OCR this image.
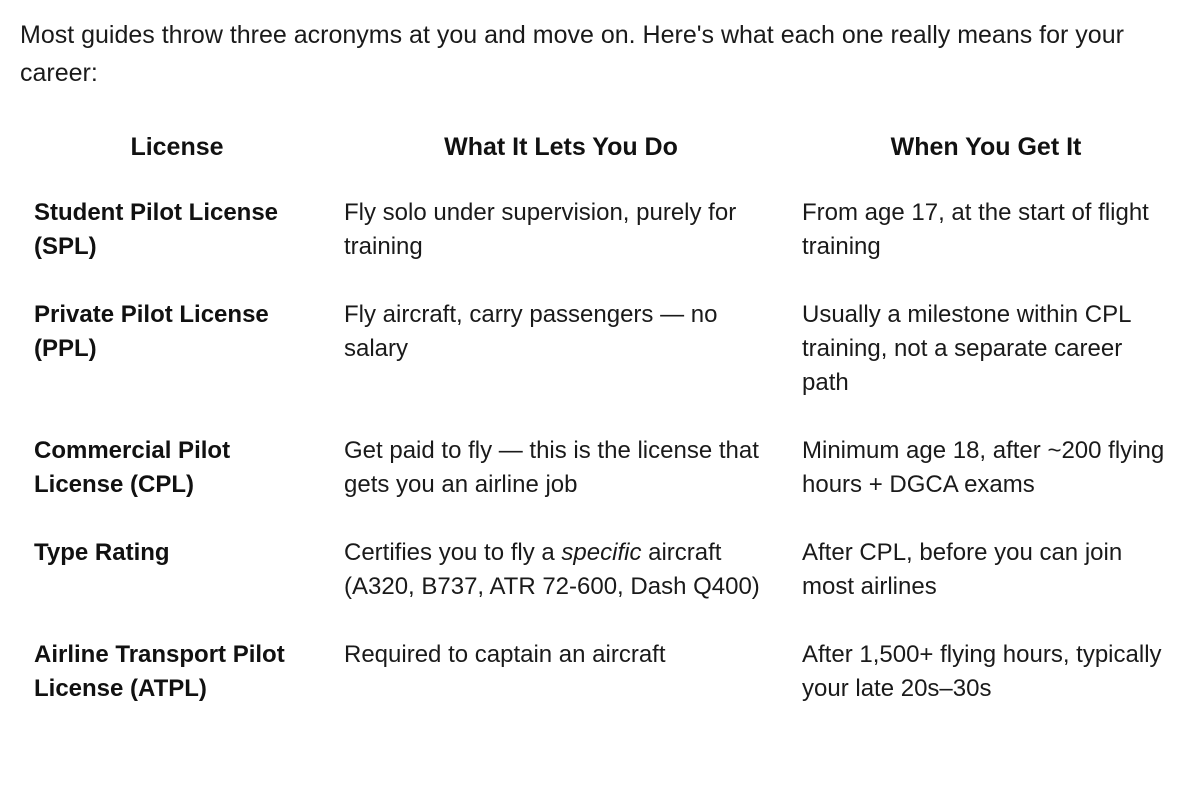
Most guides throw three acronyms at you and move on. Here's what each one really means for your career:

License	What It Lets You Do	When You Get It
Student Pilot License (SPL)	Fly solo under supervision, purely for training	From age 17, at the start of flight training
Private Pilot License (PPL)	Fly aircraft, carry passengers — no salary	Usually a milestone within CPL training, not a separate career path
Commercial Pilot License (CPL)	Get paid to fly — this is the license that gets you an airline job	Minimum age 18, after ~200 flying hours + DGCA exams
Type Rating	Certifies you to fly a specific aircraft (A320, B737, ATR 72-600, Dash Q400)	After CPL, before you can join most airlines
Airline Transport Pilot License (ATPL)	Required to captain an aircraft	After 1,500+ flying hours, typically your late 20s–30s
